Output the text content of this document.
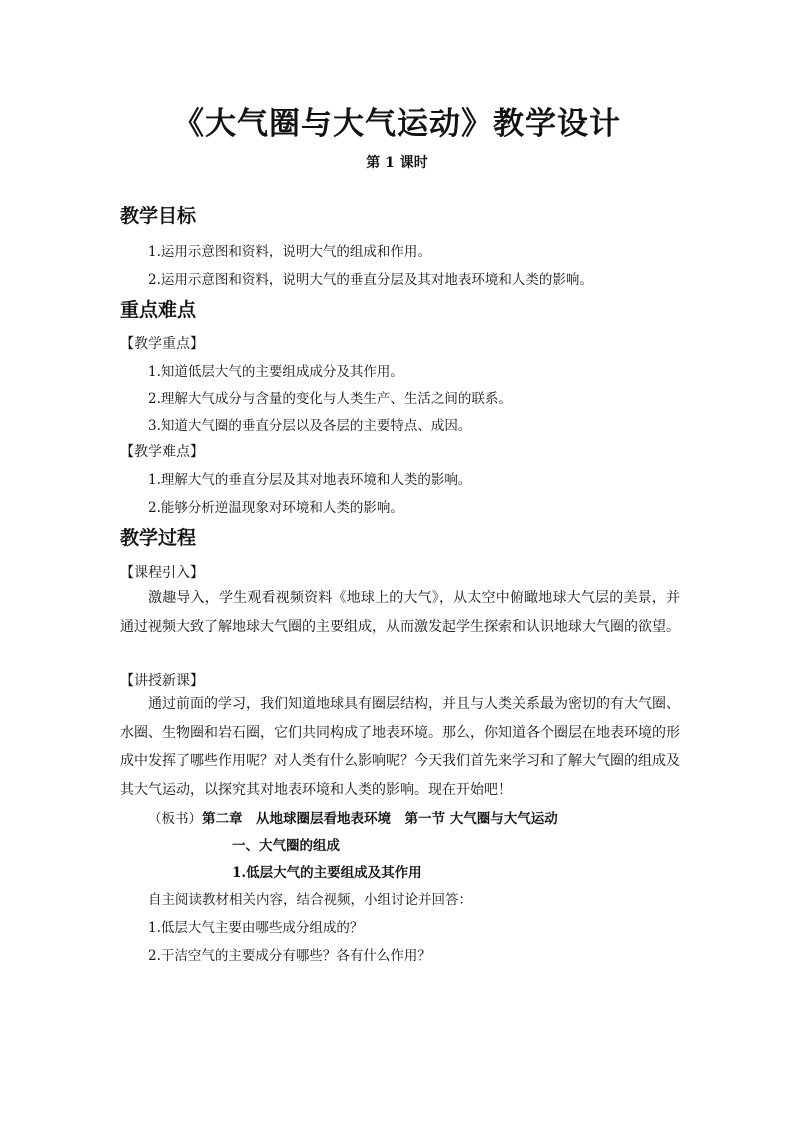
《大气圈与大气运动》教学设计
第 1 课时
教学目标
1.运用示意图和资料，说明大气的组成和作用。
2.运用示意图和资料，说明大气的垂直分层及其对地表环境和人类的影响。
重点难点
【教学重点】
1.知道低层大气的主要组成成分及其作用。
2.理解大气成分与含量的变化与人类生产、生活之间的联系。
3.知道大气圈的垂直分层以及各层的主要特点、成因。
【教学难点】
1.理解大气的垂直分层及其对地表环境和人类的影响。
2.能够分析逆温现象对环境和人类的影响。
教学过程
【课程引入】
激趣导入，学生观看视频资料《地球上的大气》，从太空中俯瞰地球大气层的美景，并通过视频大致了解地球大气圈的主要组成，从而激发起学生探索和认识地球大气圈的欲望。
【讲授新课】
通过前面的学习，我们知道地球具有圈层结构，并且与人类关系最为密切的有大气圈、水圈、生物圈和岩石圈，它们共同构成了地表环境。那么，你知道各个圈层在地表环境的形成中发挥了哪些作用呢？对人类有什么影响呢？今天我们首先来学习和了解大气圈的组成及其大气运动，以探究其对地表环境和人类的影响。现在开始吧！
（板书）第二章　从地球圈层看地表环境　第一节 大气圈与大气运动
一、大气圈的组成
1.低层大气的主要组成及其作用
自主阅读教材相关内容，结合视频，小组讨论并回答：
1.低层大气主要由哪些成分组成的？
2.干洁空气的主要成分有哪些？各有什么作用？
